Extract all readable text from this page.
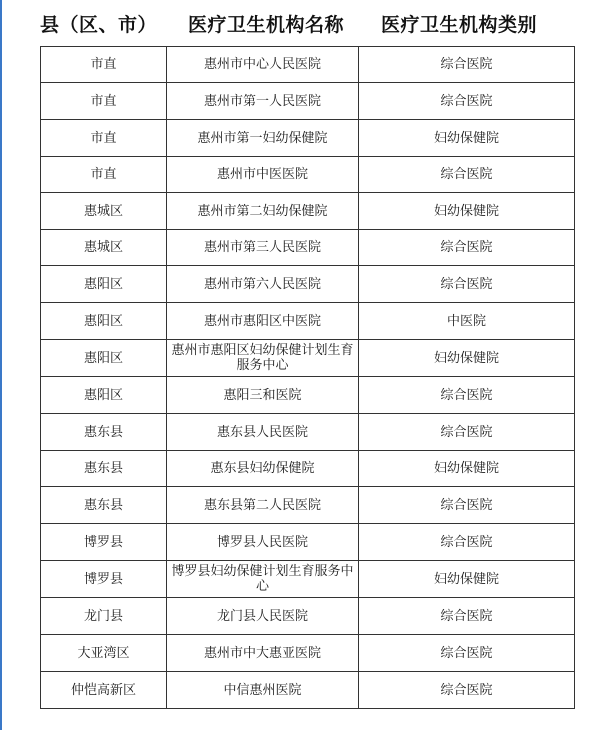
县（区、市） 医疗卫生机构名称 医疗卫生机构类别
市直	惠州市中心人民医院	综合医院
市直	惠州市第一人民医院	综合医院
市直	惠州市第一妇幼保健院	妇幼保健院
市直	惠州市中医医院	综合医院
惠城区	惠州市第二妇幼保健院	妇幼保健院
惠城区	惠州市第三人民医院	综合医院
惠阳区	惠州市第六人民医院	综合医院
惠阳区	惠州市惠阳区中医院	中医院
惠阳区	惠州市惠阳区妇幼保健计划生育服务中心	妇幼保健院
惠阳区	惠阳三和医院	综合医院
惠东县	惠东县人民医院	综合医院
惠东县	惠东县妇幼保健院	妇幼保健院
惠东县	惠东县第二人民医院	综合医院
博罗县	博罗县人民医院	综合医院
博罗县	博罗县妇幼保健计划生育服务中心	妇幼保健院
龙门县	龙门县人民医院	综合医院
大亚湾区	惠州市中大惠亚医院	综合医院
仲恺高新区	中信惠州医院	综合医院
